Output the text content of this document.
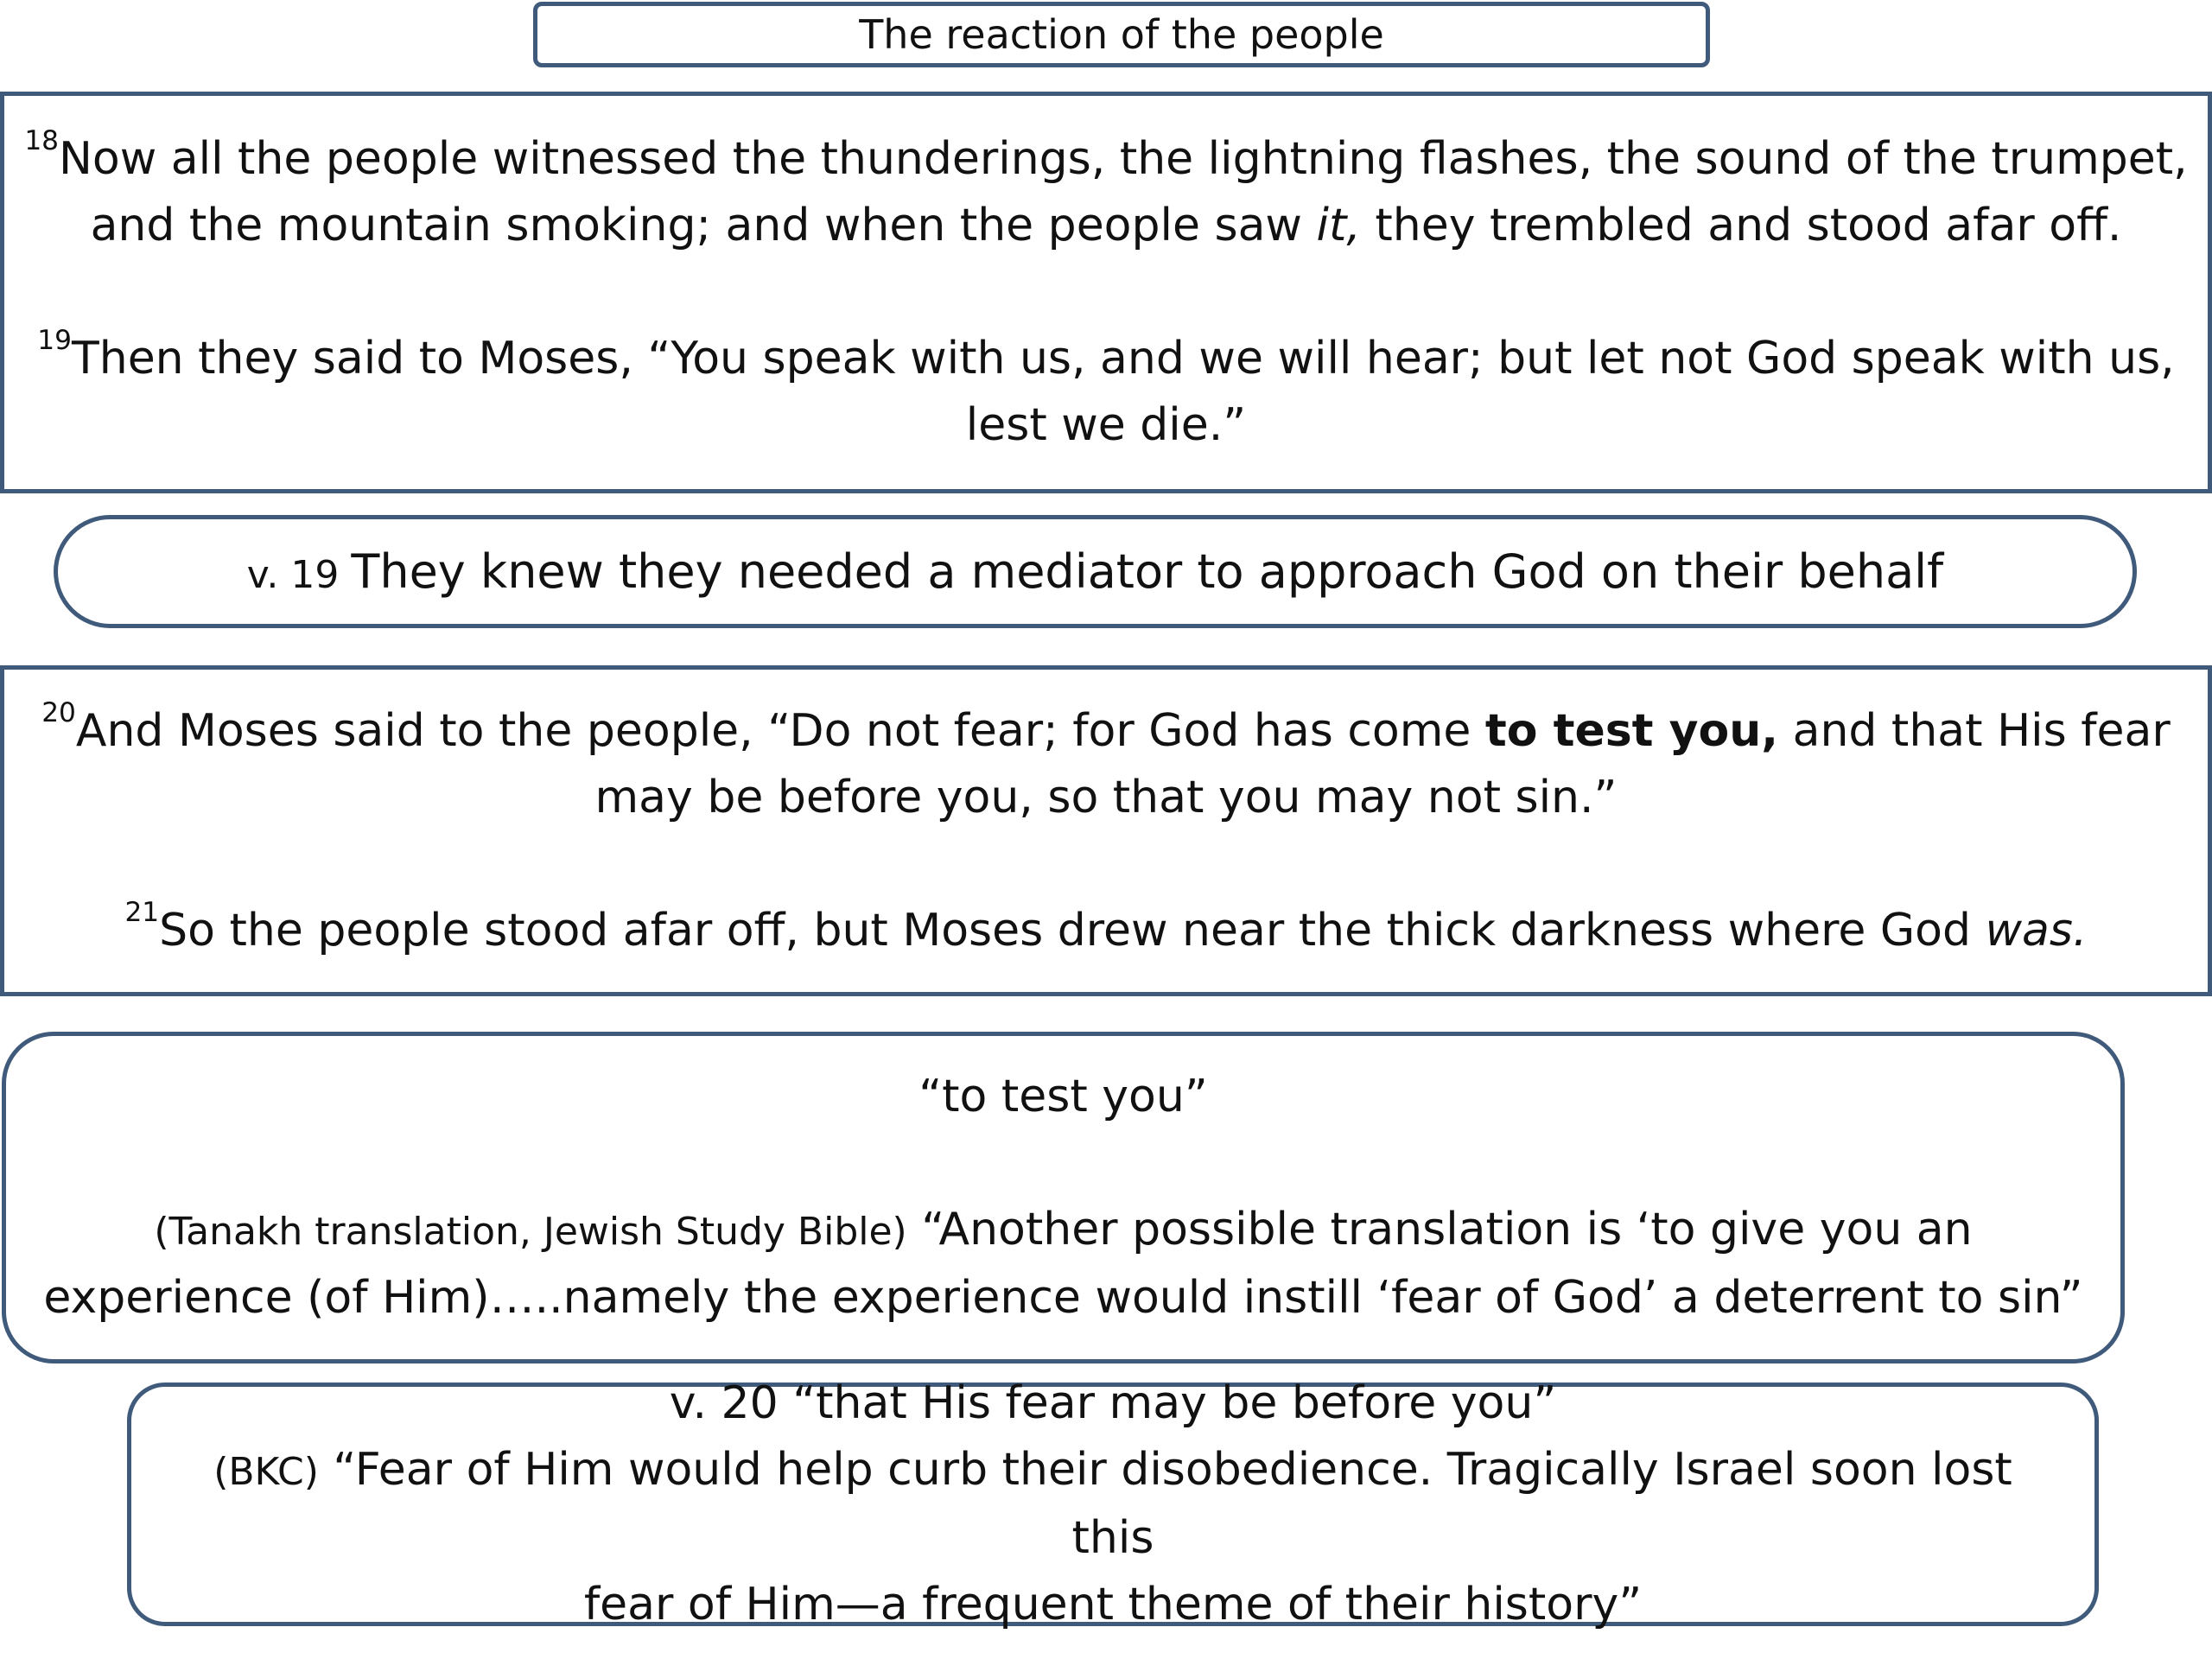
The reaction of the people
$^{18}$Now all the people witnessed the thunderings, the lightning flashes, the sound of the trumpet,
and the mountain smoking; and when the people saw it, they trembled and stood afar off.
$^{19}$Then they said to Moses, “You speak with us, and we will hear; but let not God speak with us,
lest we die.”
v. 19 They knew they needed a mediator to approach God on their behalf
$^{20}$And Moses said to the people, “Do not fear; for God has come to test you, and that His fear
may be before you, so that you may not sin.”
$^{21}$So the people stood afar off, but Moses drew near the thick darkness where God was.
“to test you”
(Tanakh translation, Jewish Study Bible) “Another possible translation is ‘to give you an
experience (of Him)…..namely the experience would instill ‘fear of God’ a deterrent to sin”
v. 20 “that His fear may be before you”
(BKC) “Fear of Him would help curb their disobedience. Tragically Israel soon lost this
fear of Him—a frequent theme of their history”
